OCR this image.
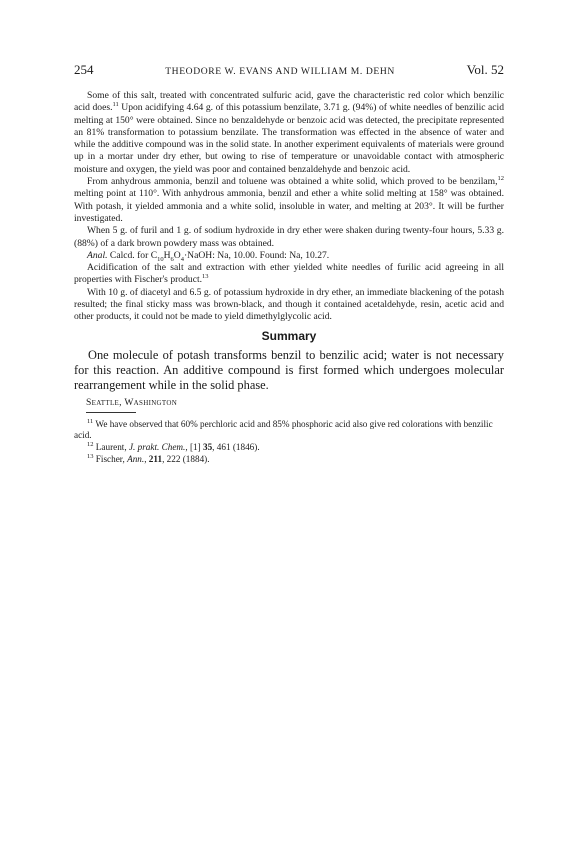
254	THEODORE W. EVANS AND WILLIAM M. DEHN	Vol. 52

Some of this salt, treated with concentrated sulfuric acid, gave the characteristic red color which benzilic acid does.$^{11}$ Upon acidifying 4.64 g. of this potassium benzilate, 3.71 g. (94%) of white needles of benzilic acid melting at 150° were obtained. Since no benzaldehyde or benzoic acid was detected, the precipitate represented an 81% transformation to potassium benzilate. The transformation was effected in the absence of water and while the additive compound was in the solid state. In another experiment equivalents of materials were ground up in a mortar under dry ether, but owing to rise of temperature or unavoidable contact with atmospheric moisture and oxygen, the yield was poor and contained benzaldehyde and benzoic acid.

From anhydrous ammonia, benzil and toluene was obtained a white solid, which proved to be benzilam,$^{12}$ melting point at 110°. With anhydrous ammonia, benzil and ether a white solid melting at 158° was obtained. With potash, it yielded ammonia and a white solid, insoluble in water, and melting at 203°. It will be further investigated.

When 5 g. of furil and 1 g. of sodium hydroxide in dry ether were shaken during twenty-four hours, 5.33 g. (88%) of a dark brown powdery mass was obtained.

Anal. Calcd. for $C_{10}H_6O_4\cdot NaOH$: Na, 10.00. Found: Na, 10.27.

Acidification of the salt and extraction with ether yielded white needles of furilic acid agreeing in all properties with Fischer's product.$^{13}$

With 10 g. of diacetyl and 6.5 g. of potassium hydroxide in dry ether, an immediate blackening of the potash resulted; the final sticky mass was brown-black, and though it contained acetaldehyde, resin, acetic acid and other products, it could not be made to yield dimethylglycolic acid.

Summary

One molecule of potash transforms benzil to benzilic acid; water is not necessary for this reaction. An additive compound is first formed which undergoes molecular rearrangement while in the solid phase.

Seattle, Washington

$^{11}$ We have observed that 60% perchloric acid and 85% phosphoric acid also give red colorations with benzilic acid.

$^{12}$ Laurent, J. prakt. Chem., [1] 35, 461 (1846).

$^{13}$ Fischer, Ann., 211, 222 (1884).
